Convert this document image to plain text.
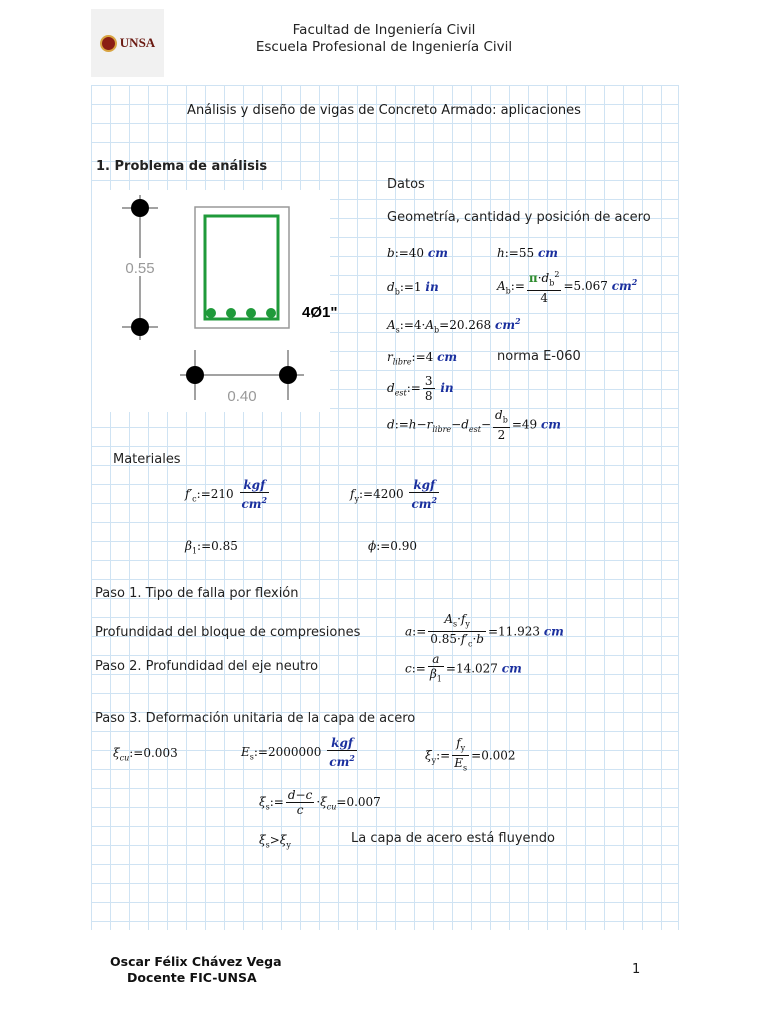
UNSA
Facultad de Ingeniería Civil
Escuela Profesional de Ingeniería Civil
Análisis y diseño de vigas de Concreto Armado: aplicaciones
1. Problema de análisis
0.55
4Ø1"
0.40
Datos
Geometría, cantidad y posición de acero
b:=40 cm	h:=55 cm
$d_b:=1$ in	$A_b:= \frac{\pi\cdot d_b^2}{4} =5.067$ $cm^2$
$A_s:=4\cdot A_b=20.268$ $cm^2$
$r_{libre}:=4$ cm	norma E-060
$d_{est}:= \frac{3}{8}$ in
$d:=h-r_{libre}-d_{est}- \frac{d_b}{2} =49$ cm
Materiales
$f'_c:=210 \frac{\text{kgf}}{cm^2}$	$f_y:=4200 \frac{\text{kgf}}{cm^2}$
$\beta_1:=0.85$	ϕ:=0.90
Paso 1. Tipo de falla por flexión
Profundidad del bloque de compresiones	a:= $\frac{A_s\cdot f_y}{0.85\cdot f'_c\cdot b} =11.923$ cm
Paso 2. Profundidad del eje neutro	c:= $\frac{a}{\beta_1} =14.027$ cm
Paso 3. Deformación unitaria de la capa de acero
$\xi_{cu}:=0.003$	$E_s:=2000000 \frac{\text{kgf}}{cm^2}$	$\xi_y:= \frac{f_y}{E_s} =0.002$
$\xi_s:= \frac{d-c}{c} \cdot\xi_{cu}=0.007$
$\xi_s>\xi_y$	La capa de acero está fluyendo
Oscar Félix Chávez Vega
Docente FIC-UNSA
1
